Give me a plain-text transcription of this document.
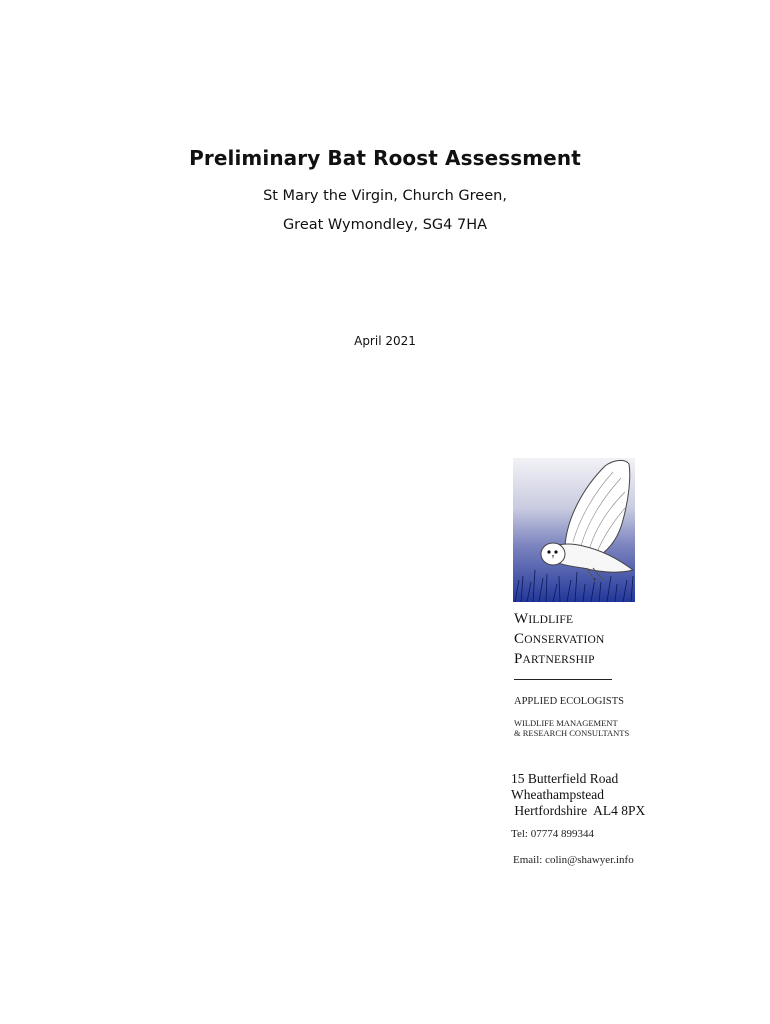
Preliminary Bat Roost Assessment

St Mary the Virgin, Church Green,

Great Wymondley, SG4 7HA

April 2021

WILDLIFE
CONSERVATION
PARTNERSHIP
APPLIED ECOLOGISTS
WILDLIFE MANAGEMENT
& RESEARCH CONSULTANTS
15 Butterfield Road
Wheathampstead
Hertfordshire  AL4 8PX
Tel: 07774 899344
Email: colin@shawyer.info
